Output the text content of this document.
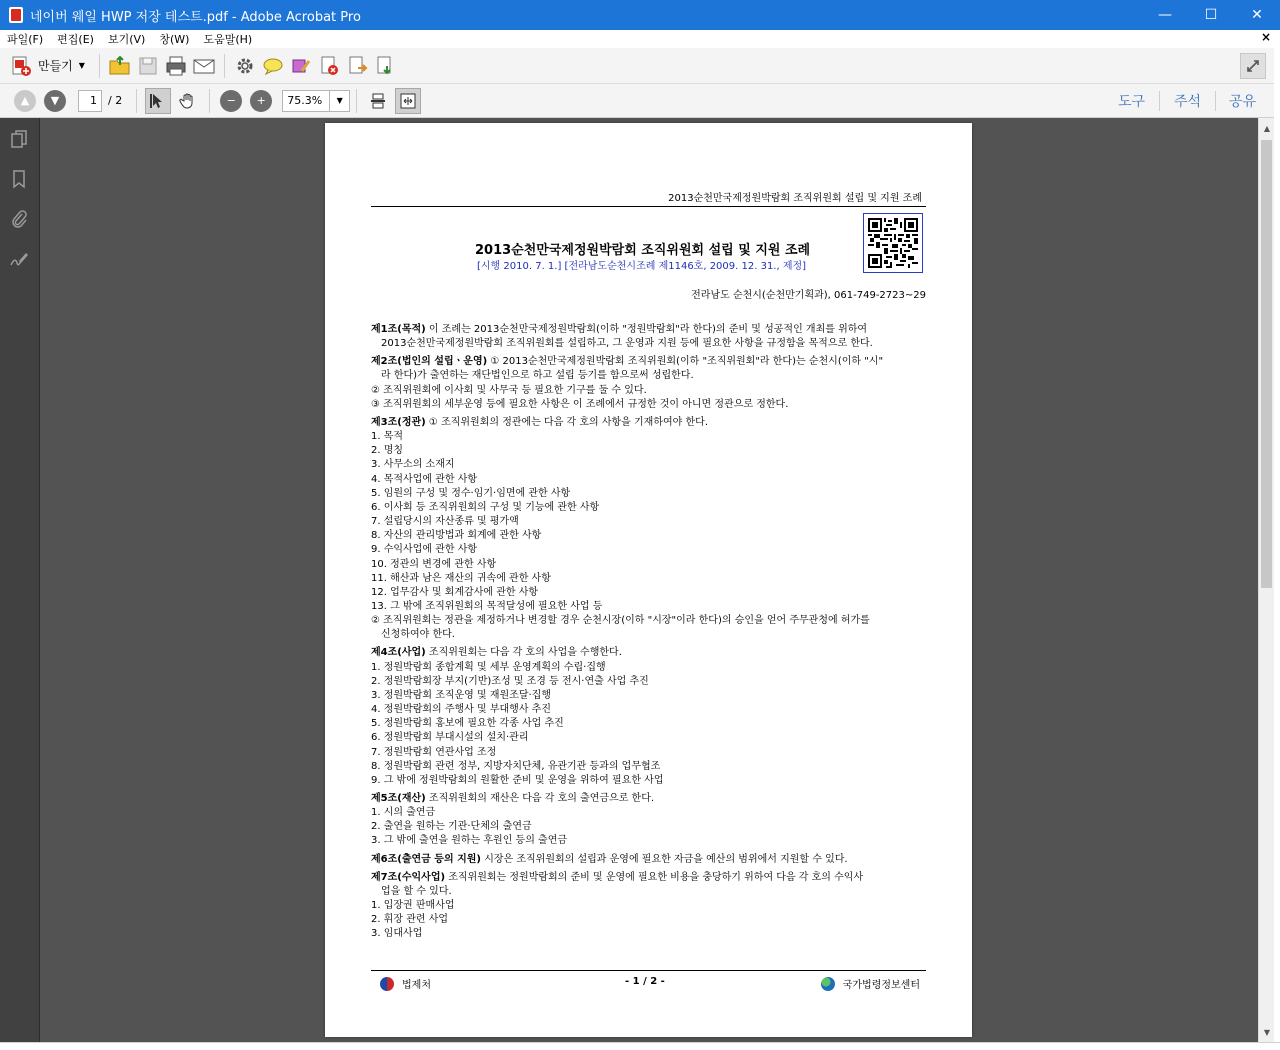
네이버 웨일 HWP 저장 테스트.pdf - Adobe Acrobat Pro	—	☐	✕
파일(F)	편집(E)	보기(V)	창(W)	도움말(H)	×
만들기 ▼
▲ ▼	1	/ 2	− +	75.3%	▼	도구 주석 공유
▲
▼
2013순천만국제정원박람회 조직위원회 설립 및 지원 조례
2013순천만국제정원박람회 조직위원회 설립 및 지원 조례
[시행 2010. 7. 1.] [전라남도순천시조례 제1146호, 2009. 12. 31., 제정]
전라남도 순천시(순천만기획과), 061-749-2723~29
제1조(목적) 이 조례는 2013순천만국제정원박람회(이하 "정원박람회"라 한다)의 준비 및 성공적인 개최를 위하여
2013순천만국제정원박람회 조직위원회를 설립하고, 그 운영과 지원 등에 필요한 사항을 규정함을 목적으로 한다.
제2조(법인의 설립ㆍ운영) ① 2013순천만국제정원박람회 조직위원회(이하 "조직위원회"라 한다)는 순천시(이하 "시"
라 한다)가 출연하는 재단법인으로 하고 설립 등기를 함으로써 성립한다.
② 조직위원회에 이사회 및 사무국 등 필요한 기구를 둘 수 있다.
③ 조직위원회의 세부운영 등에 필요한 사항은 이 조례에서 규정한 것이 아니면 정관으로 정한다.
제3조(정관) ① 조직위원회의 정관에는 다음 각 호의 사항을 기재하여야 한다.
1. 목적
2. 명칭
3. 사무소의 소재지
4. 목적사업에 관한 사항
5. 임원의 구성 및 정수·임기·임면에 관한 사항
6. 이사회 등 조직위원회의 구성 및 기능에 관한 사항
7. 설립당시의 자산종류 및 평가액
8. 자산의 관리방법과 회계에 관한 사항
9. 수익사업에 관한 사항
10. 정관의 변경에 관한 사항
11. 해산과 남은 재산의 귀속에 관한 사항
12. 업무감사 및 회계감사에 관한 사항
13. 그 밖에 조직위원회의 목적달성에 필요한 사업 등
② 조직위원회는 정관을 제정하거나 변경할 경우 순천시장(이하 "시장"이라 한다)의 승인을 얻어 주무관청에 허가를
신청하여야 한다.
제4조(사업) 조직위원회는 다음 각 호의 사업을 수행한다.
1. 정원박람회 종합계획 및 세부 운영계획의 수립·집행
2. 정원박람회장 부지(기반)조성 및 조경 등 전시·연출 사업 추진
3. 정원박람회 조직운영 및 재원조달·집행
4. 정원박람회의 주행사 및 부대행사 추진
5. 정원박람회 홍보에 필요한 각종 사업 추진
6. 정원박람회 부대시설의 설치·관리
7. 정원박람회 연관사업 조정
8. 정원박람회 관련 정부, 지방자치단체, 유관기관 등과의 업무협조
9. 그 밖에 정원박람회의 원활한 준비 및 운영을 위하여 필요한 사업
제5조(재산) 조직위원회의 재산은 다음 각 호의 출연금으로 한다.
1. 시의 출연금
2. 출연을 원하는 기관·단체의 출연금
3. 그 밖에 출연을 원하는 후원인 등의 출연금
제6조(출연금 등의 지원) 시장은 조직위원회의 설립과 운영에 필요한 자금을 예산의 범위에서 지원할 수 있다.
제7조(수익사업) 조직위원회는 정원박람회의 준비 및 운영에 필요한 비용을 충당하기 위하여 다음 각 호의 수익사
업을 할 수 있다.
1. 입장권 판매사업
2. 휘장 관련 사업
3. 임대사업
법제처	- 1 / 2 -	국가법령정보센터
